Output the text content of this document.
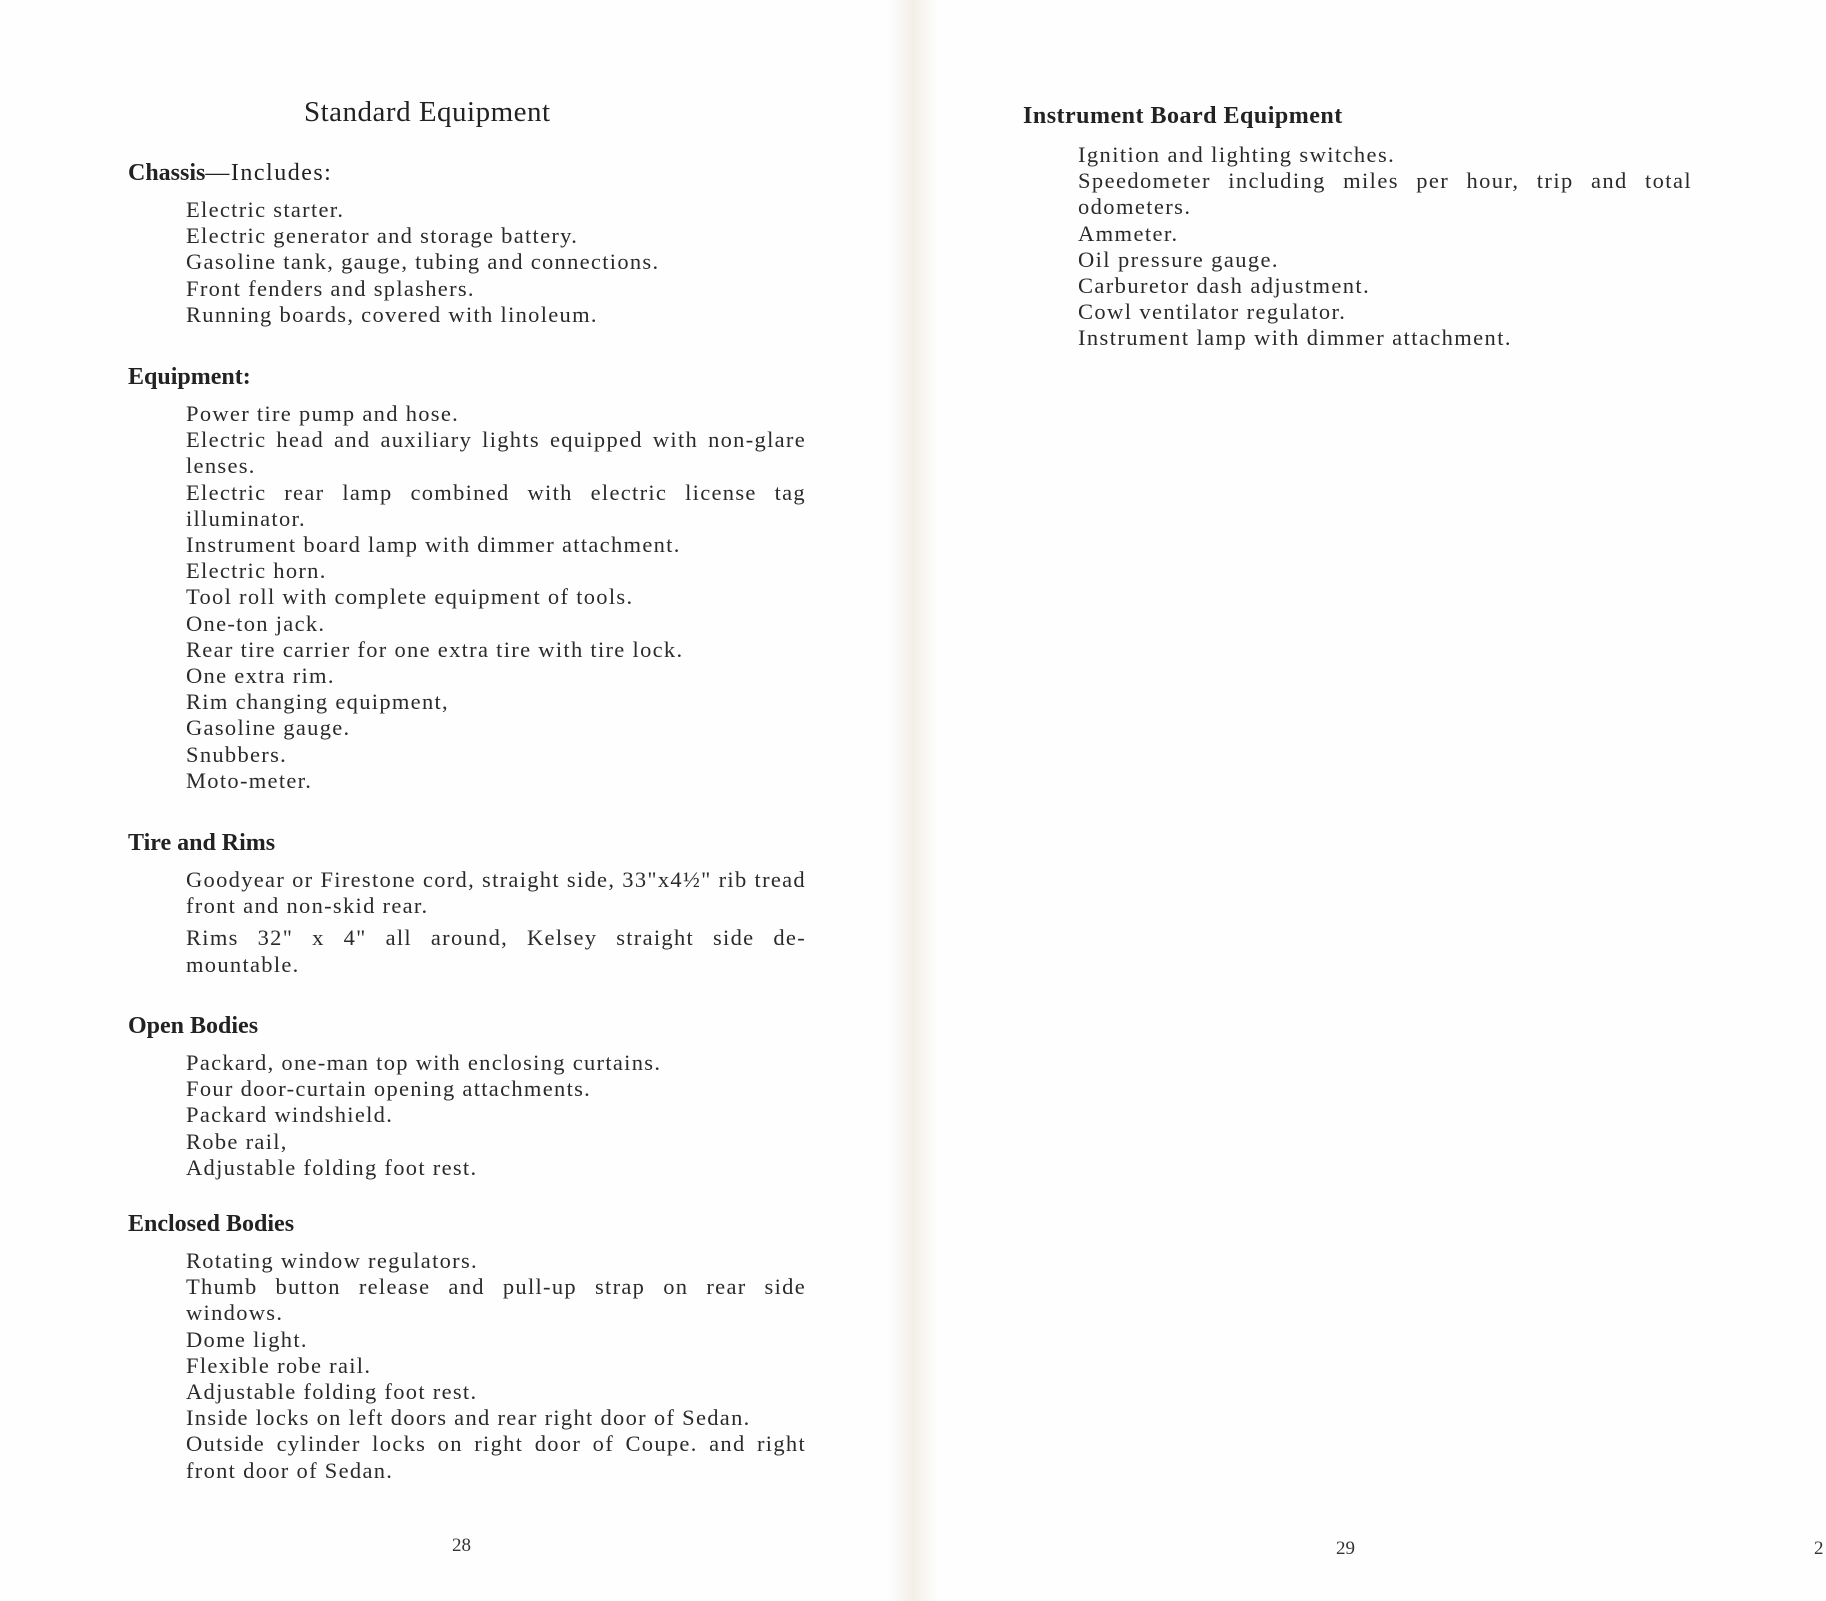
Standard Equipment
Chassis—Includes:
Electric starter.
Electric generator and storage battery.
Gasoline tank, gauge, tubing and connections.
Front fenders and splashers.
Running boards, covered with linoleum.
Equipment:
Power tire pump and hose.
Electric head and auxiliary lights equipped with non-glare lenses.
Electric rear lamp combined with electric license tag illuminator.
Instrument board lamp with dimmer attachment.
Electric horn.
Tool roll with complete equipment of tools.
One-ton jack.
Rear tire carrier for one extra tire with tire lock.
One extra rim.
Rim changing equipment,
Gasoline gauge.
Snubbers.
Moto-meter.
Tire and Rims
Goodyear or Firestone cord, straight side, 33"x4½" rib tread front and non-skid rear.
Rims 32" x 4" all around, Kelsey straight side de-mountable.
Open Bodies
Packard, one-man top with enclosing curtains.
Four door-curtain opening attachments.
Packard windshield.
Robe rail,
Adjustable folding foot rest.
Enclosed Bodies
Rotating window regulators.
Thumb button release and pull-up strap on rear side windows.
Dome light.
Flexible robe rail.
Adjustable folding foot rest.
Inside locks on left doors and rear right door of Sedan.
Outside cylinder locks on right door of Coupe. and right front door of Sedan.
28
Instrument Board Equipment
Ignition and lighting switches.
Speedometer including miles per hour, trip and total odometers.
Ammeter.
Oil pressure gauge.
Carburetor dash adjustment.
Cowl ventilator regulator.
Instrument lamp with dimmer attachment.
29	2
